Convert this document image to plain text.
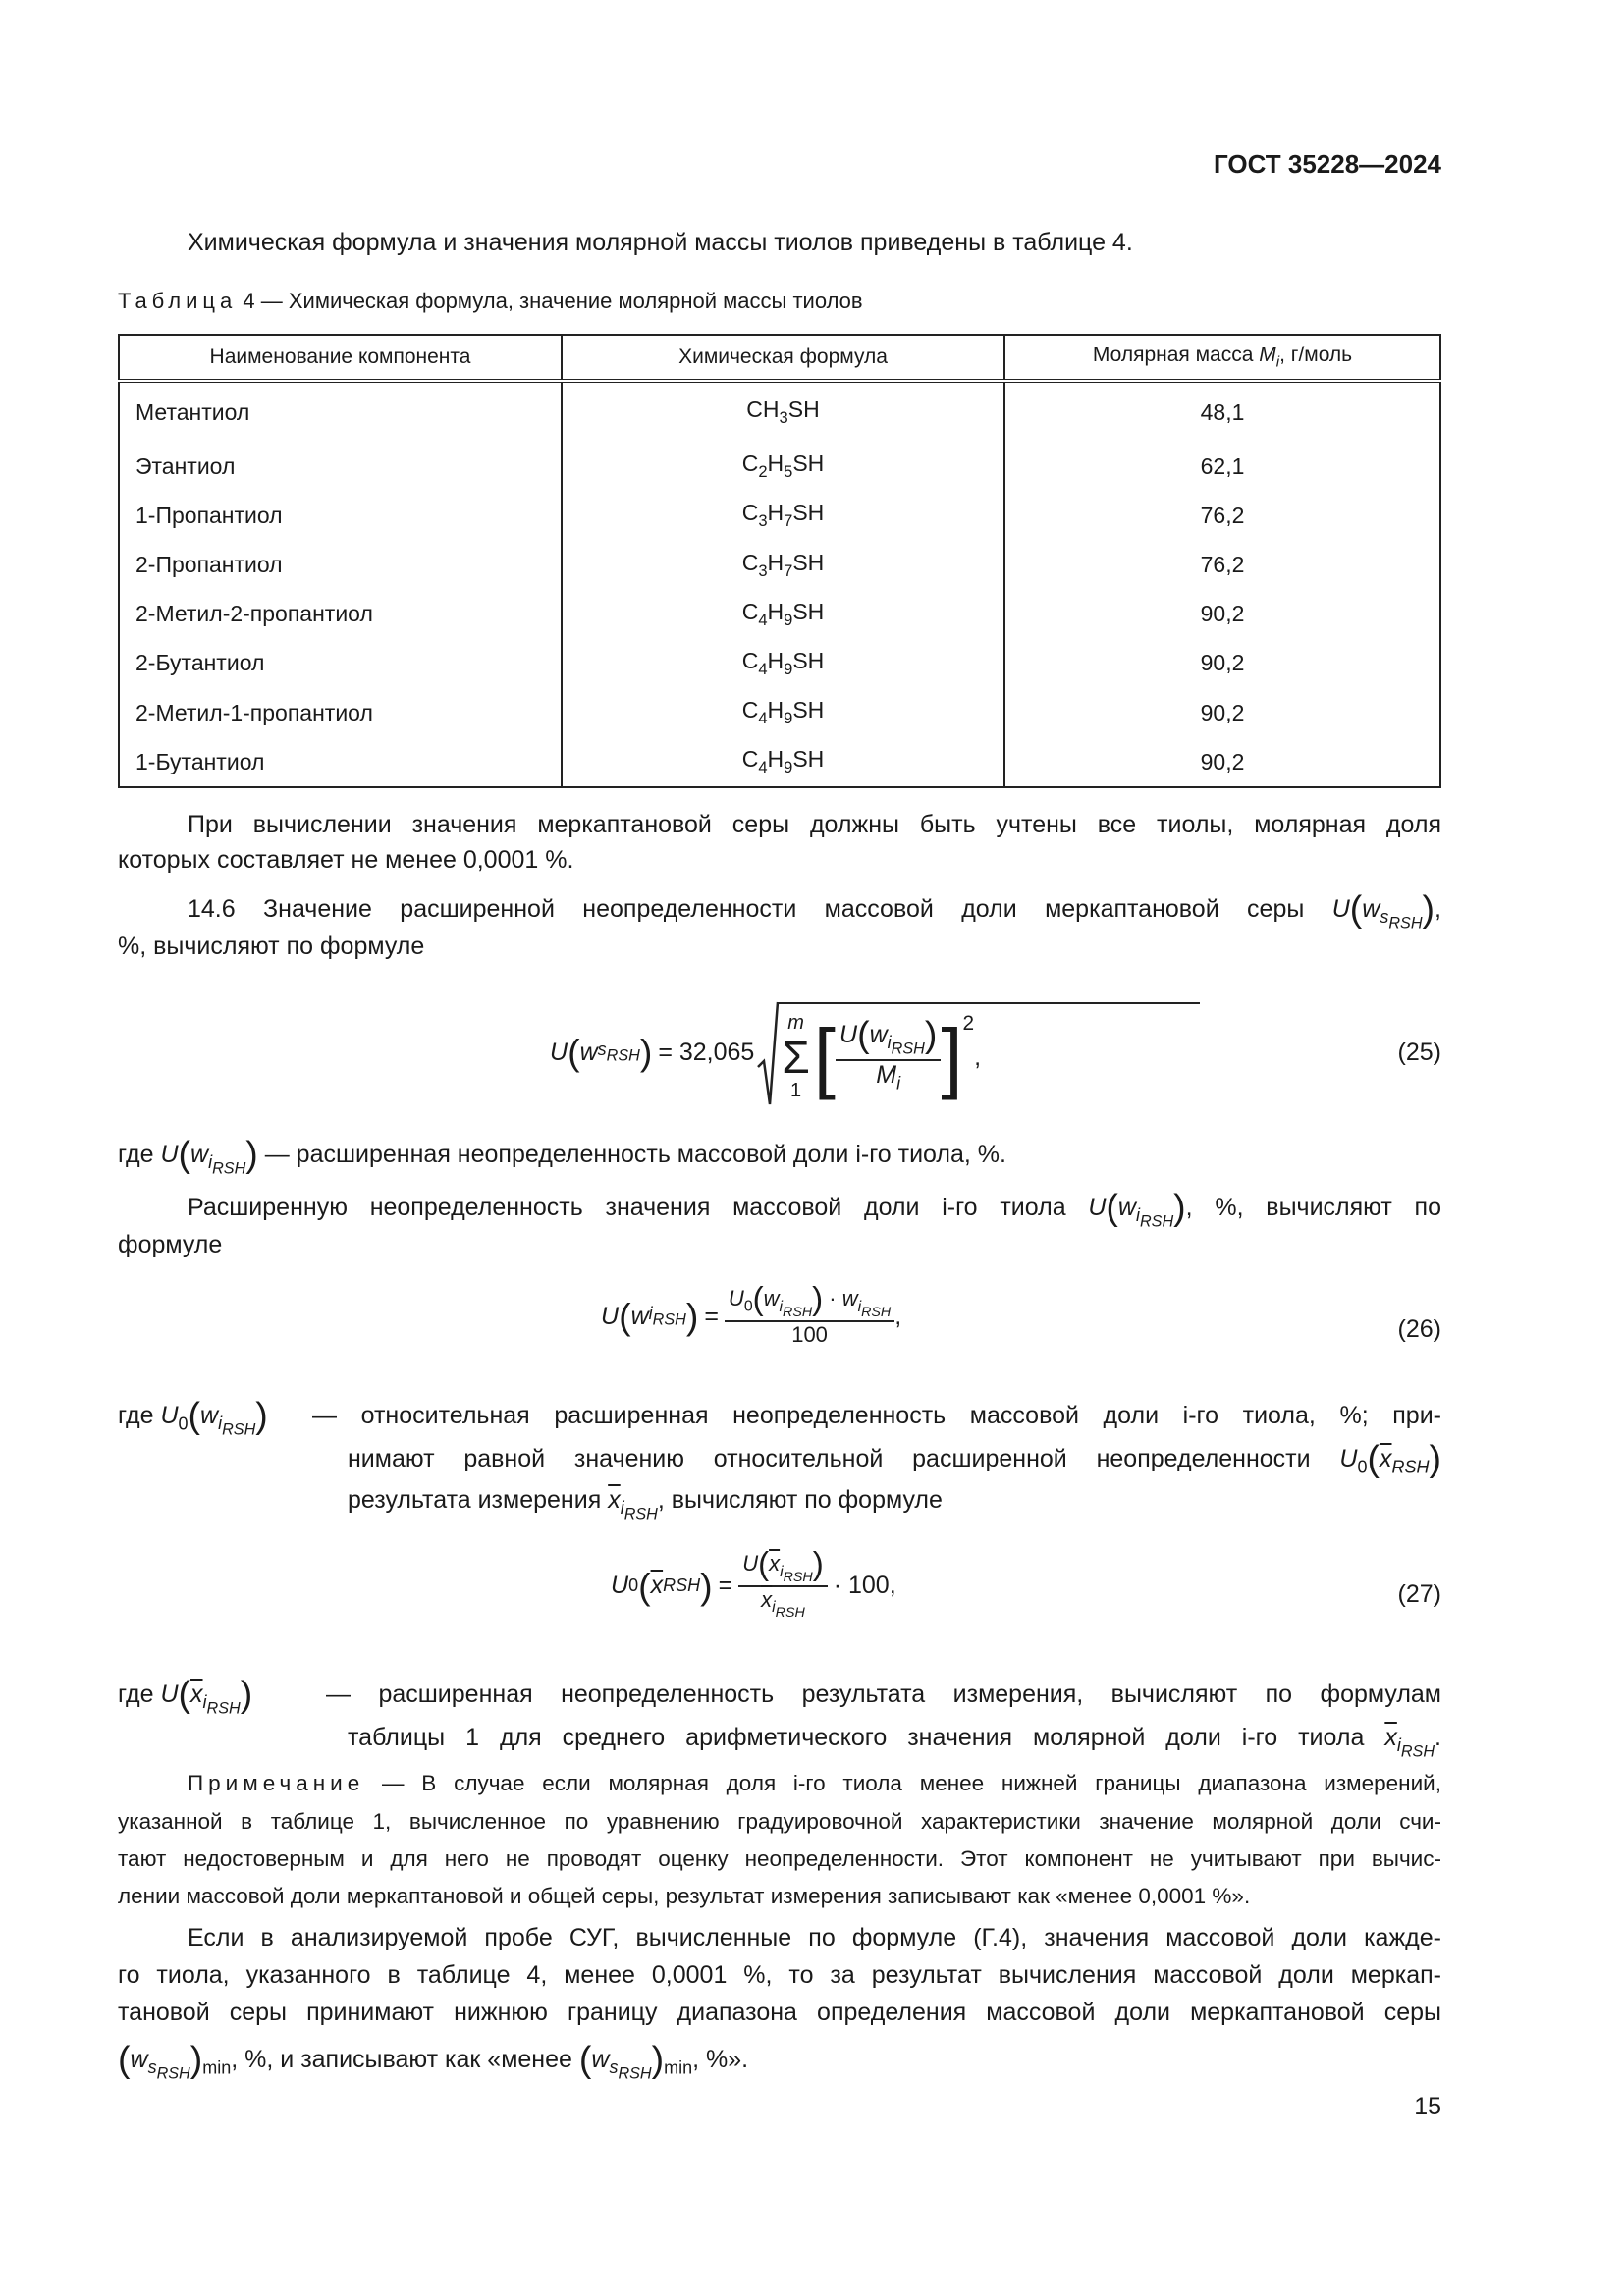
ГОСТ 35228—2024
Химическая формула и значения молярной массы тиолов приведены в таблице 4.
Таблица 4 — Химическая формула, значение молярной массы тиолов
Наименование компонента	Химическая формула	Молярная масса $M_i$, г/моль
Метантиол	$CH_3SH$	48,1
Этантиол	$C_2H_5SH$	62,1
1-Пропантиол	$C_3H_7SH$	76,2
2-Пропантиол	$C_3H_7SH$	76,2
2-Метил-2-пропантиол	$C_4H_9SH$	90,2
2-Бутантиол	$C_4H_9SH$	90,2
2-Метил-1-пропантиол	$C_4H_9SH$	90,2
1-Бутантиол	$C_4H_9SH$	90,2
При вычислении значения меркаптановой серы должны быть учтены все тиолы, молярная доля
которых составляет не менее 0,0001 %.
14.6 Значение расширенной неопределенности массовой доли меркаптановой серы $U(w_{s_{RSH}})$,
%, вычисляют по формуле
U ( w $s_{RSH}$ ) = 32,065
m
Σ
1 [ $\frac{U(w_{i_{RSH}})}{M_i} ]^2$
,	(25)
где $U(w_{i_{RSH}})$ — расширенная неопределенность массовой доли i-го тиола, %.
Расширенную неопределенность значения массовой доли i-го тиола $U(w_{i_{RSH}})$, %, вычисляют по
формуле
U ( w $i_{RSH}$ ) = $\frac{U_0(w_{i_{RSH}}) \cdot w_{i_{RSH}}}{100}$ ,	(26)
где $U_0(w_{i_{RSH}})$ — относительная расширенная неопределенность массовой доли i-го тиола, %; при-
нимают равной значению относительной расширенной неопределенности $U_0(\overline{x}_{RSH})$
результата измерения $\overline{x}_{i_{RSH}}$, вычисляют по формуле
U 0 ( $\overline{x}$ RSH ) = $\frac{U(\overline{x}_{i_{RSH}})}{\overline{x}_{i_{RSH}}} \cdot 100$,	(27)
где $U(\overline{x}_{i_{RSH}})$	— расширенная неопределенность результата измерения, вычисляют по формулам
таблицы 1 для среднего арифметического значения молярной доли i-го тиола $\overline{x}_{i_{RSH}}$.
Примечание — В случае если молярная доля i-го тиола менее нижней границы диапазона измерений,
указанной в таблице 1, вычисленное по уравнению градуировочной характеристики значение молярной доли счи-
тают недостоверным и для него не проводят оценку неопределенности. Этот компонент не учитывают при вычис-
лении массовой доли меркаптановой и общей серы, результат измерения записывают как «менее 0,0001 %».
Если в анализируемой пробе СУГ, вычисленные по формуле (Г.4), значения массовой доли кажде-
го тиола, указанного в таблице 4, менее 0,0001 %, то за результат вычисления массовой доли меркап-
тановой серы принимают нижнюю границу диапазона определения массовой доли меркаптановой серы
$(w_{s_{RSH}})_{min}$, %, и записывают как «менее $(w_{s_{RSH}})_{min}$, %».
15
